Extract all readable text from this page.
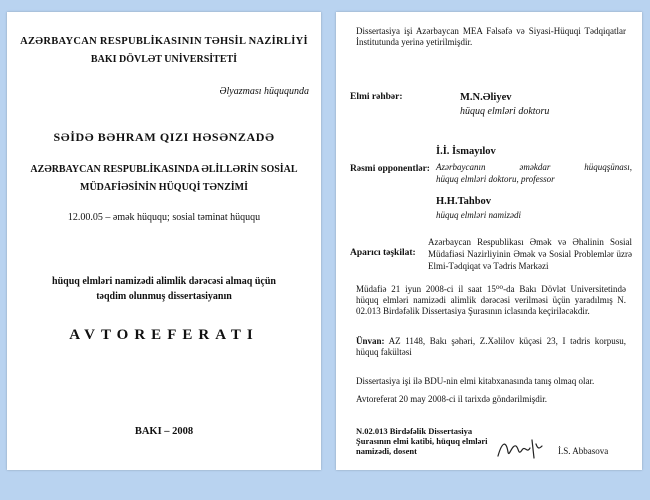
AZƏRBAYCAN RESPUBLİKASININ TƏHSİL NAZİRLİYİ
BAKI DÖVLƏT UNİVERSİTETİ
Əlyazması hüququnda
SƏİDƏ BƏHRAM QIZI HƏSƏNZADƏ
AZƏRBAYCAN RESPUBLİKASINDA ƏLİLLƏRİN SOSİAL
MÜDAFİƏSİNİN HÜQUQİ TƏNZİMİ
12.00.05 – əmək hüququ; sosial təminat hüququ
hüquq elmləri namizədi alimlik dərəcəsi almaq üçün
təqdim olunmuş dissertasiyanın
AVTOREFERATI
BAKI – 2008
Dissertasiya işi Azərbaycan MEA Fəlsəfə və Siyasi-Hüquqi Tədqiqatlar İnstitutunda yerinə yetirilmişdir.
Elmi rəhbər:	M.N.Əliyev
hüquq elmləri doktoru
Rəsmi opponentlər:
İ.İ. İsmayılov
Azərbaycanın əməkdar hüquqşünası,
hüquq elmləri doktoru, professor
H.H.Tahbov
hüquq elmləri namizədi
Aparıcı təşkilat:
Azərbaycan Respublikası Əmək və Əhalinin Sosial Müdafiəsi Nazirliyinin Əmək və Sosial Problemlər üzrə Elmi-Tədqiqat və Tədris Mərkəzi
Müdafiə 21 iyun 2008-ci il saat 15⁰⁰-da Bakı Dövlət Universitetində hüquq elmləri namizədi alimlik dərəcəsi verilməsi üçün yaradılmış N. 02.013 Birdəfəlik Dissertasiya Şurasının iclasında keçiriləcəkdir.
Ünvan: AZ 1148, Bakı şəhəri, Z.Xəlilov küçəsi 23, I tədris korpusu, hüquq fakültəsi
Dissertasiya işi ilə BDU-nin elmi kitabxanasında tanış olmaq olar.
Avtoreferat 20 may 2008-ci il tarixdə göndərilmişdir.
N.02.013 Birdəfəlik Dissertasiya
Şurasının elmi katibi, hüquq elmləri
namizədi, dosent	İ.S. Abbasova
